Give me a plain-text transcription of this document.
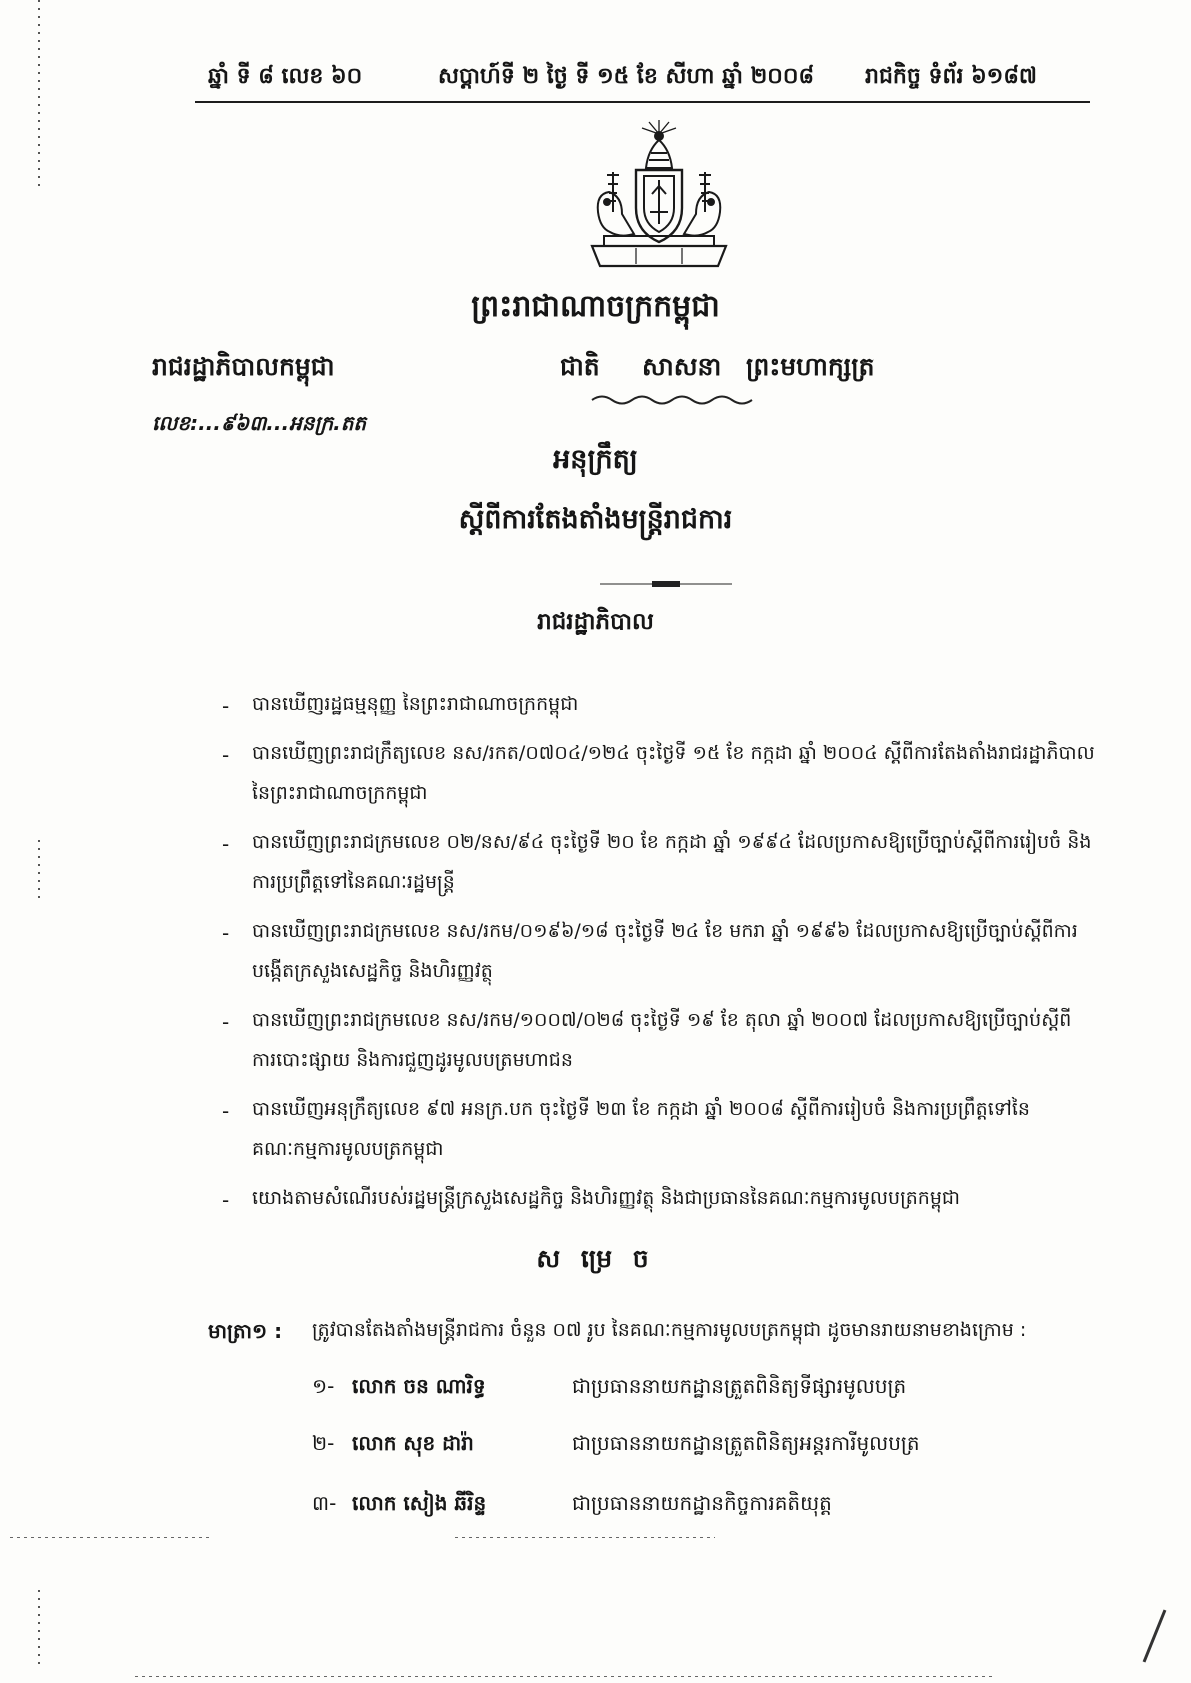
ឆ្នាំ ទី ៨ លេខ ៦០	សប្តាហ៍ទី ២ ថ្ងៃ ទី ១៥ ខែ សីហា ឆ្នាំ ២០០៨ រាជកិច្ច ទំព័រ ៦១៨៧
ព្រះរាជាណាចក្រកម្ពុជា
រាជរដ្ឋាភិបាលកម្ពុជា	ជាតិ សាសនា ព្រះមហាក្សត្រ
លេខ:...៩៦៣...អនក្រ.តត
អនុក្រឹត្យ
ស្តីពីការតែងតាំងមន្ត្រីរាជការ
រាជរដ្ឋាភិបាល
- បានឃើញរដ្ឋធម្មនុញ្ញ នៃព្រះរាជាណាចក្រកម្ពុជា
- បានឃើញព្រះរាជក្រឹត្យលេខ នស/រកត/០៧០៤/១២៤ ចុះថ្ងៃទី ១៥ ខែ កក្កដា ឆ្នាំ ២០០៤ ស្តីពីការតែងតាំងរាជរដ្ឋាភិបាលនៃព្រះរាជាណាចក្រកម្ពុជា
- បានឃើញព្រះរាជក្រមលេខ ០២/នស/៩៤ ចុះថ្ងៃទី ២០ ខែ កក្កដា ឆ្នាំ ១៩៩៤ ដែលប្រកាសឱ្យប្រើច្បាប់ស្តីពីការរៀបចំ និងការប្រព្រឹត្តទៅនៃគណៈរដ្ឋមន្ត្រី
- បានឃើញព្រះរាជក្រមលេខ នស/រកម/០១៩៦/១៨ ចុះថ្ងៃទី ២៤ ខែ មករា ឆ្នាំ ១៩៩៦ ដែលប្រកាសឱ្យប្រើច្បាប់ស្តីពីការបង្កើតក្រសួងសេដ្ឋកិច្ច និងហិរញ្ញវត្ថុ
- បានឃើញព្រះរាជក្រមលេខ នស/រកម/១០០៧/០២៨ ចុះថ្ងៃទី ១៩ ខែ តុលា ឆ្នាំ ២០០៧ ដែលប្រកាសឱ្យប្រើច្បាប់ស្តីពីការបោះផ្សាយ និងការជួញដូរមូលបត្រមហាជន
- បានឃើញអនុក្រឹត្យលេខ ៩៧ អនក្រ.បក ចុះថ្ងៃទី ២៣ ខែ កក្កដា ឆ្នាំ ២០០៨ ស្តីពីការរៀបចំ និងការប្រព្រឹត្តទៅនៃគណៈកម្មការមូលបត្រកម្ពុជា
- យោងតាមសំណើរបស់រដ្ឋមន្ត្រីក្រសួងសេដ្ឋកិច្ច និងហិរញ្ញវត្ថុ និងជាប្រធាននៃគណៈកម្មការមូលបត្រកម្ពុជា
ស ម្រេ ច
មាត្រា១ : ត្រូវបានតែងតាំងមន្ត្រីរាជការ ចំនួន ០៧ រូប នៃគណៈកម្មការមូលបត្រកម្ពុជា ដូចមានរាយនាមខាងក្រោម :
១- លោក ចន ណារិទ្ធ	ជាប្រធាននាយកដ្ឋានត្រួតពិនិត្យទីផ្សារមូលបត្រ
២- លោក សុខ ដារ៉ា	ជាប្រធាននាយកដ្ឋានត្រួតពិនិត្យអន្តរការីមូលបត្រ
៣- លោក សៀង ឆីរិន្ទ	ជាប្រធាននាយកដ្ឋានកិច្ចការគតិយុត្ត
